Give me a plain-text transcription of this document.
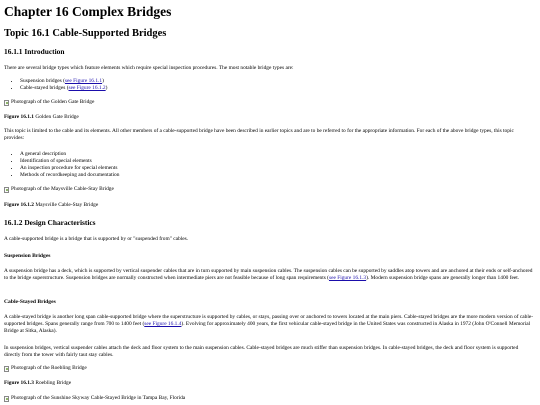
Chapter 16 Complex Bridges
Topic 16.1 Cable-Supported Bridges
16.1.1 Introduction

There are several bridge types which feature elements which require special inspection procedures. The most notable bridge types are:

• Suspension bridges (see Figure 16.1.1)
• Cable-stayed bridges (see Figure 16.1.2)
Photograph of the Golden Gate Bridge
Figure 16.1.1 Golden Gate Bridge

This topic is limited to the cable and its elements. All other members of a cable-supported bridge have been described in earlier topics and are to be referred to for the appropriate information. For each of the above bridge types, this topic provides:

• A general description
• Identification of special elements
• An inspection procedure for special elements
• Methods of recordkeeping and documentation
Photograph of the Maysville Cable-Stay Bridge
Figure 16.1.2 Maysville Cable-Stay Bridge
16.1.2 Design Characteristics

A cable-supported bridge is a bridge that is supported by or "suspended from" cables.

Suspension Bridges

A suspension bridge has a deck, which is supported by vertical suspender cables that are in turn supported by main suspension cables. The suspension cables can be supported by saddles atop towers and are anchored at their ends or self-anchored to the bridge superstructure. Suspension bridges are normally constructed when intermediate piers are not feasible because of long span requirements (see Figure 16.1.3). Modern suspension bridge spans are generally longer than 1400 feet.

Cable-Stayed Bridges

A cable-stayed bridge is another long span cable-supported bridge where the superstructure is supported by cables, or stays, passing over or anchored to towers located at the main piers. Cable-stayed bridges are the more modern version of cable-supported bridges. Spans generally range from 700 to 1400 feet (see Figure 16.1.4). Evolving for approximately 400 years, the first vehicular cable-stayed bridge in the United States was constructed in Alaska in 1972 (John O'Connell Memorial Bridge at Sitka, Alaska).

In suspension bridges, vertical suspender cables attach the deck and floor system to the main suspension cables. Cable-stayed bridges are much stiffer than suspension bridges. In cable-stayed bridges, the deck and floor system is supported directly from the tower with fairly taut stay cables.

Photograph of the Roebling Bridge
Figure 16.1.3 Roebling Bridge
Photograph of the Sunshine Skyway Cable-Stayed Bridge in Tampa Bay, Florida
